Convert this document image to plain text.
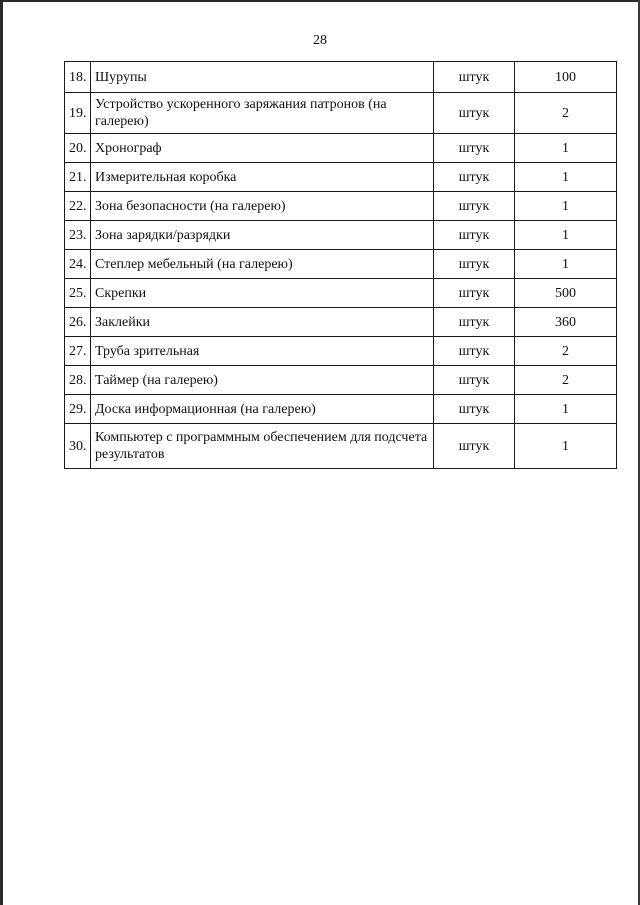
28
18.	Шурупы	штук	100
19.	Устройство ускоренного заряжания патронов (на галерею)	штук	2
20.	Хронограф	штук	1
21.	Измерительная коробка	штук	1
22.	Зона безопасности (на галерею)	штук	1
23.	Зона зарядки/разрядки	штук	1
24.	Степлер мебельный (на галерею)	штук	1
25.	Скрепки	штук	500
26.	Заклейки	штук	360
27.	Труба зрительная	штук	2
28.	Таймер (на галерею)	штук	2
29.	Доска информационная (на галерею)	штук	1
30.	Компьютер с программным обеспечением для подсчета результатов	штук	1
